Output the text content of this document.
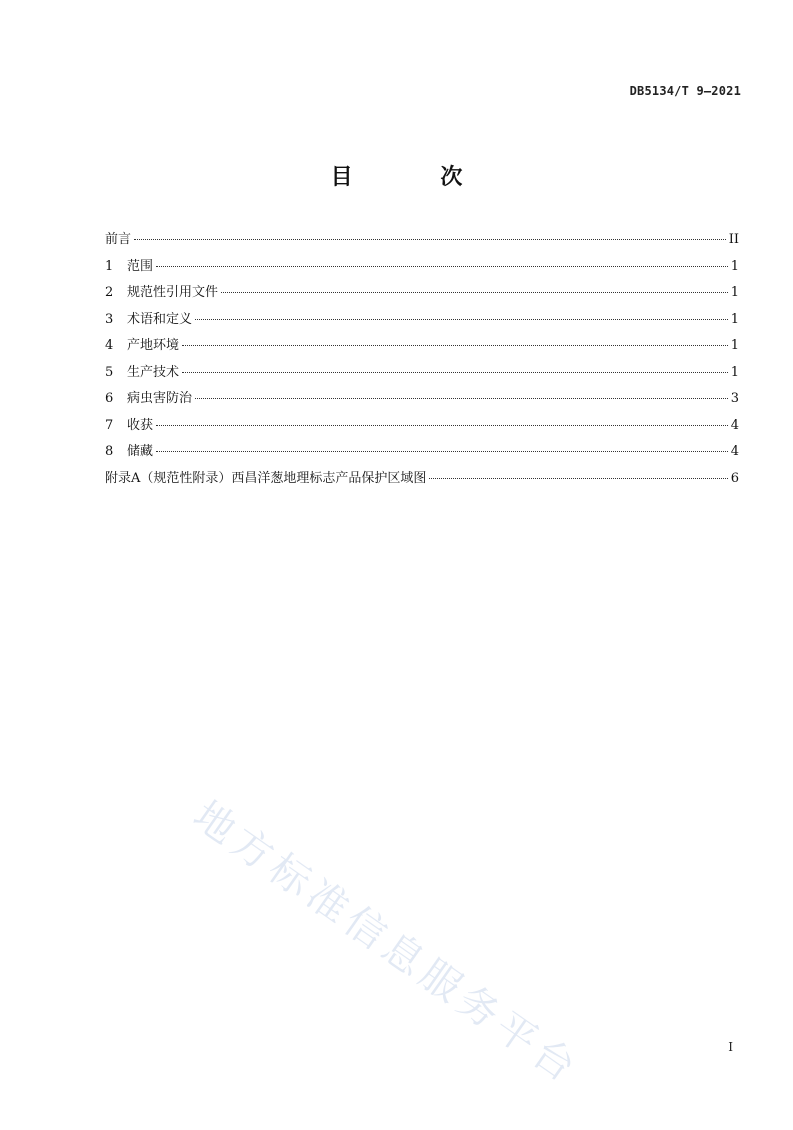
DB5134/T 9—2021
目 次
前言	II
1	范围	1
2	规范性引用文件	1
3	术语和定义	1
4	产地环境	1
5	生产技术	1
6	病虫害防治	3
7	收获	4
8	储藏	4
附录A（规范性附录）西昌洋葱地理标志产品保护区域图	6
地方标准信息服务平台	I
